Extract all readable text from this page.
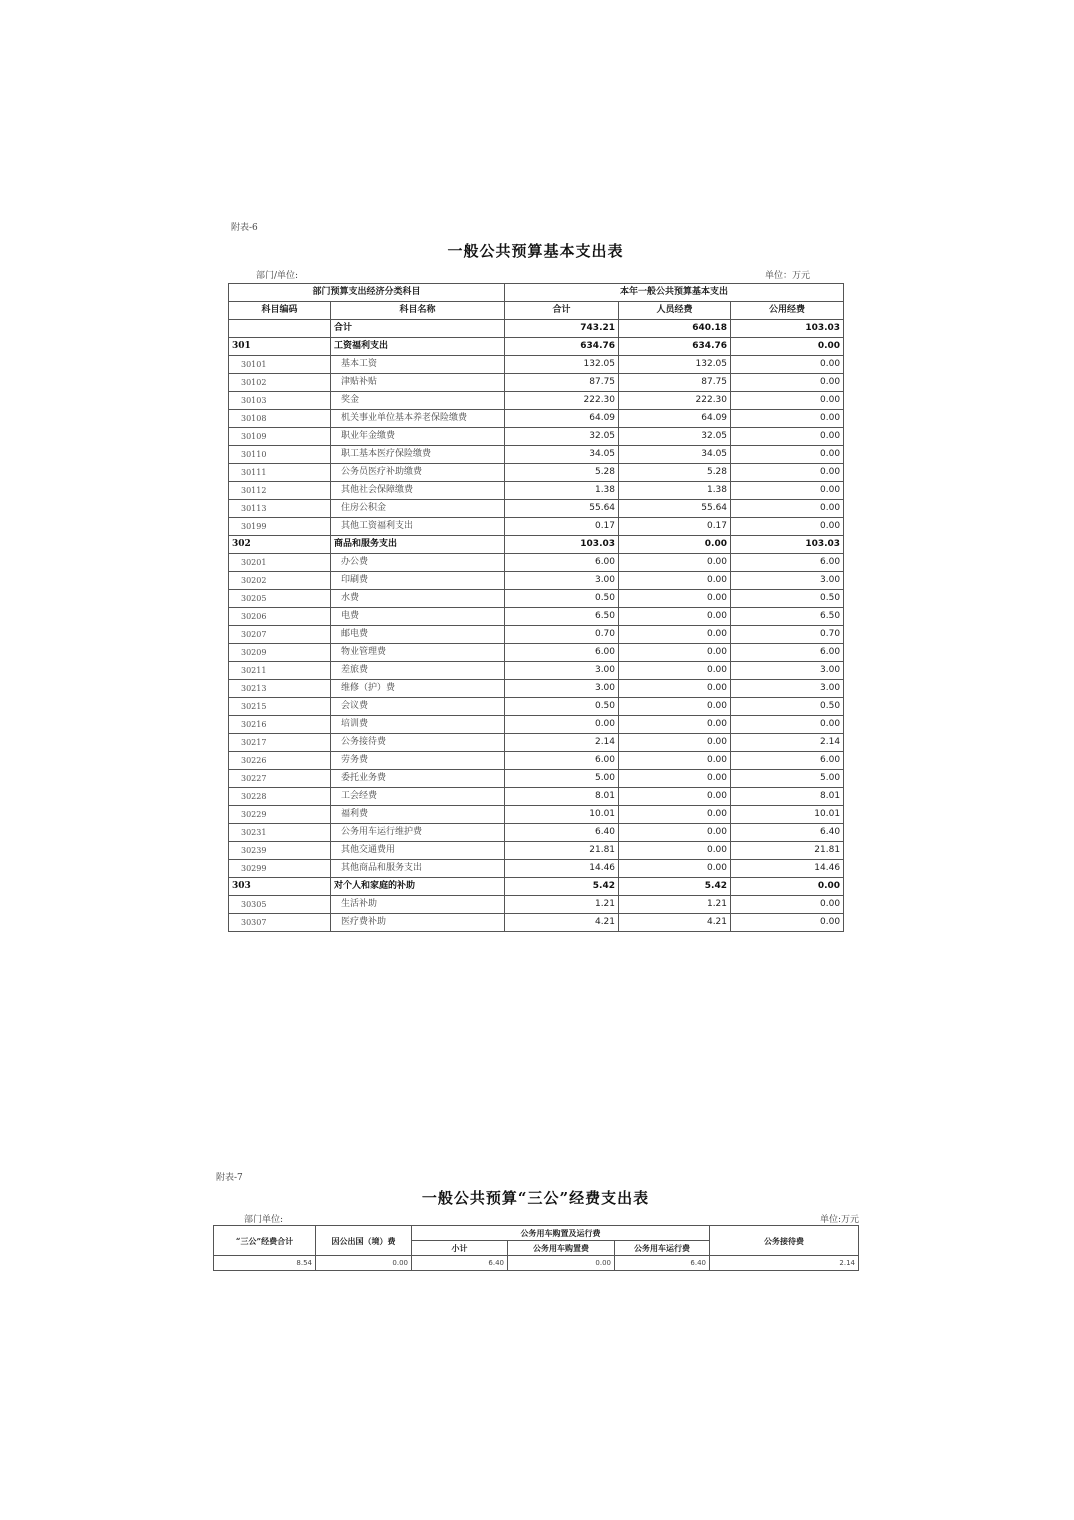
附表-6
一般公共预算基本支出表
部门/单位:	单位：万元
部门预算支出经济分类科目		本年一般公共预算基本支出		
科目编码	科目名称	合计	人员经费	公用经费
	合计	743.21	640.18	103.03
301	工资福利支出	634.76	634.76	0.00
30101	基本工资	132.05	132.05	0.00
30102	津贴补贴	87.75	87.75	0.00
30103	奖金	222.30	222.30	0.00
30108	机关事业单位基本养老保险缴费	64.09	64.09	0.00
30109	职业年金缴费	32.05	32.05	0.00
30110	职工基本医疗保险缴费	34.05	34.05	0.00
30111	公务员医疗补助缴费	5.28	5.28	0.00
30112	其他社会保障缴费	1.38	1.38	0.00
30113	住房公积金	55.64	55.64	0.00
30199	其他工资福利支出	0.17	0.17	0.00
302	商品和服务支出	103.03	0.00	103.03
30201	办公费	6.00	0.00	6.00
30202	印刷费	3.00	0.00	3.00
30205	水费	0.50	0.00	0.50
30206	电费	6.50	0.00	6.50
30207	邮电费	0.70	0.00	0.70
30209	物业管理费	6.00	0.00	6.00
30211	差旅费	3.00	0.00	3.00
30213	维修（护）费	3.00	0.00	3.00
30215	会议费	0.50	0.00	0.50
30216	培训费	0.00	0.00	0.00
30217	公务接待费	2.14	0.00	2.14
30226	劳务费	6.00	0.00	6.00
30227	委托业务费	5.00	0.00	5.00
30228	工会经费	8.01	0.00	8.01
30229	福利费	10.01	0.00	10.01
30231	公务用车运行维护费	6.40	0.00	6.40
30239	其他交通费用	21.81	0.00	21.81
30299	其他商品和服务支出	14.46	0.00	14.46
303	对个人和家庭的补助	5.42	5.42	0.00
30305	生活补助	1.21	1.21	0.00
30307	医疗费补助	4.21	4.21	0.00
附表-7
一般公共预算“三公”经费支出表
部门单位:	单位:万元
“三公”经费合计	因公出国（境）费	公务用车购置及运行费			公务接待费
		小计	公务用车购置费	公务用车运行费	
8.54	0.00	6.40	0.00	6.40	2.14
